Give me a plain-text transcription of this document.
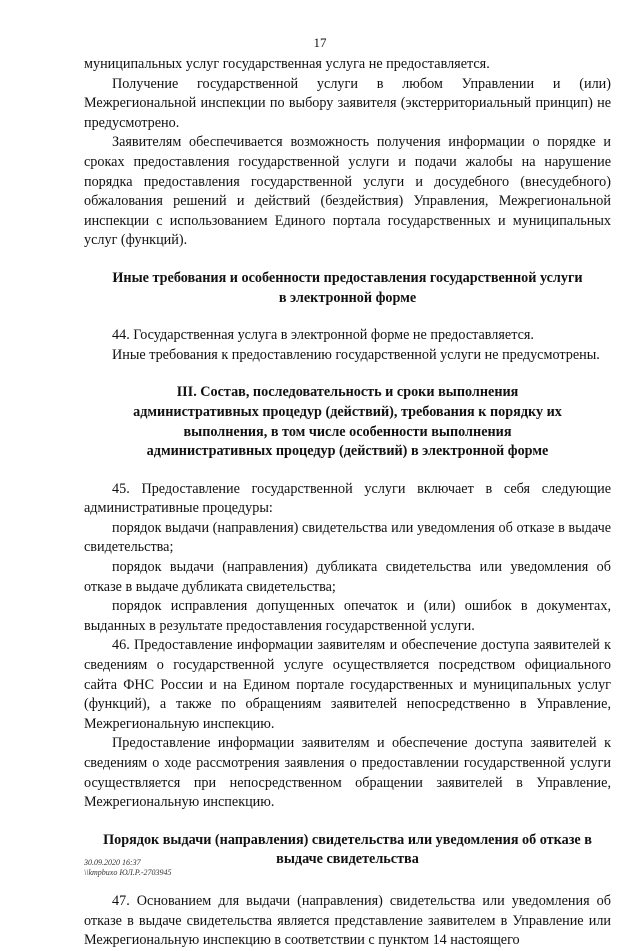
17

муниципальных услуг государственная услуга не предоставляется.

Получение государственной услуги в любом Управлении и (или) Межрегиональной инспекции по выбору заявителя (экстерриториальный принцип) не предусмотрено.

Заявителям обеспечивается возможность получения информации о порядке и сроках предоставления государственной услуги и подачи жалобы на нарушение порядка предоставления государственной услуги и досудебного (внесудебного) обжалования решений и действий (бездействия) Управления, Межрегиональной инспекции с использованием Единого портала государственных и муниципальных услуг (функций).

Иные требования и особенности предоставления государственной услуги
в электронной форме

44. Государственная услуга в электронной форме не предоставляется.

Иные требования к предоставлению государственной услуги не предусмотрены.

III. Состав, последовательность и сроки выполнения
административных процедур (действий), требования к порядку их
выполнения, в том числе особенности выполнения
административных процедур (действий) в электронной форме

45. Предоставление государственной услуги включает в себя следующие административные процедуры:

порядок выдачи (направления) свидетельства или уведомления об отказе в выдаче свидетельства;

порядок выдачи (направления) дубликата свидетельства или уведомления об отказе в выдаче дубликата свидетельства;

порядок исправления допущенных опечаток и (или) ошибок в документах, выданных в результате предоставления государственной услуги.

46. Предоставление информации заявителям и обеспечение доступа заявителей к сведениям о государственной услуге осуществляется посредством официального сайта ФНС России и на Едином портале государственных и муниципальных услуг (функций), а также по обращениям заявителей непосредственно в Управление, Межрегиональную инспекцию.

Предоставление информации заявителям и обеспечение доступа заявителей к сведениям о ходе рассмотрения заявления о предоставлении государственной услуги осуществляется при непосредственном обращении заявителей в Управление, Межрегиональную инспекцию.

Порядок выдачи (направления) свидетельства или уведомления об отказе в
выдаче свидетельства

47. Основанием для выдачи (направления) свидетельства или уведомления об отказе в выдаче свидетельства является представление заявителем в Управление или Межрегиональную инспекцию в соответствии с пунктом 14 настоящего

30.09.2020 16:37
\\kmpbuxo ЮЛ.Р.-2703945
